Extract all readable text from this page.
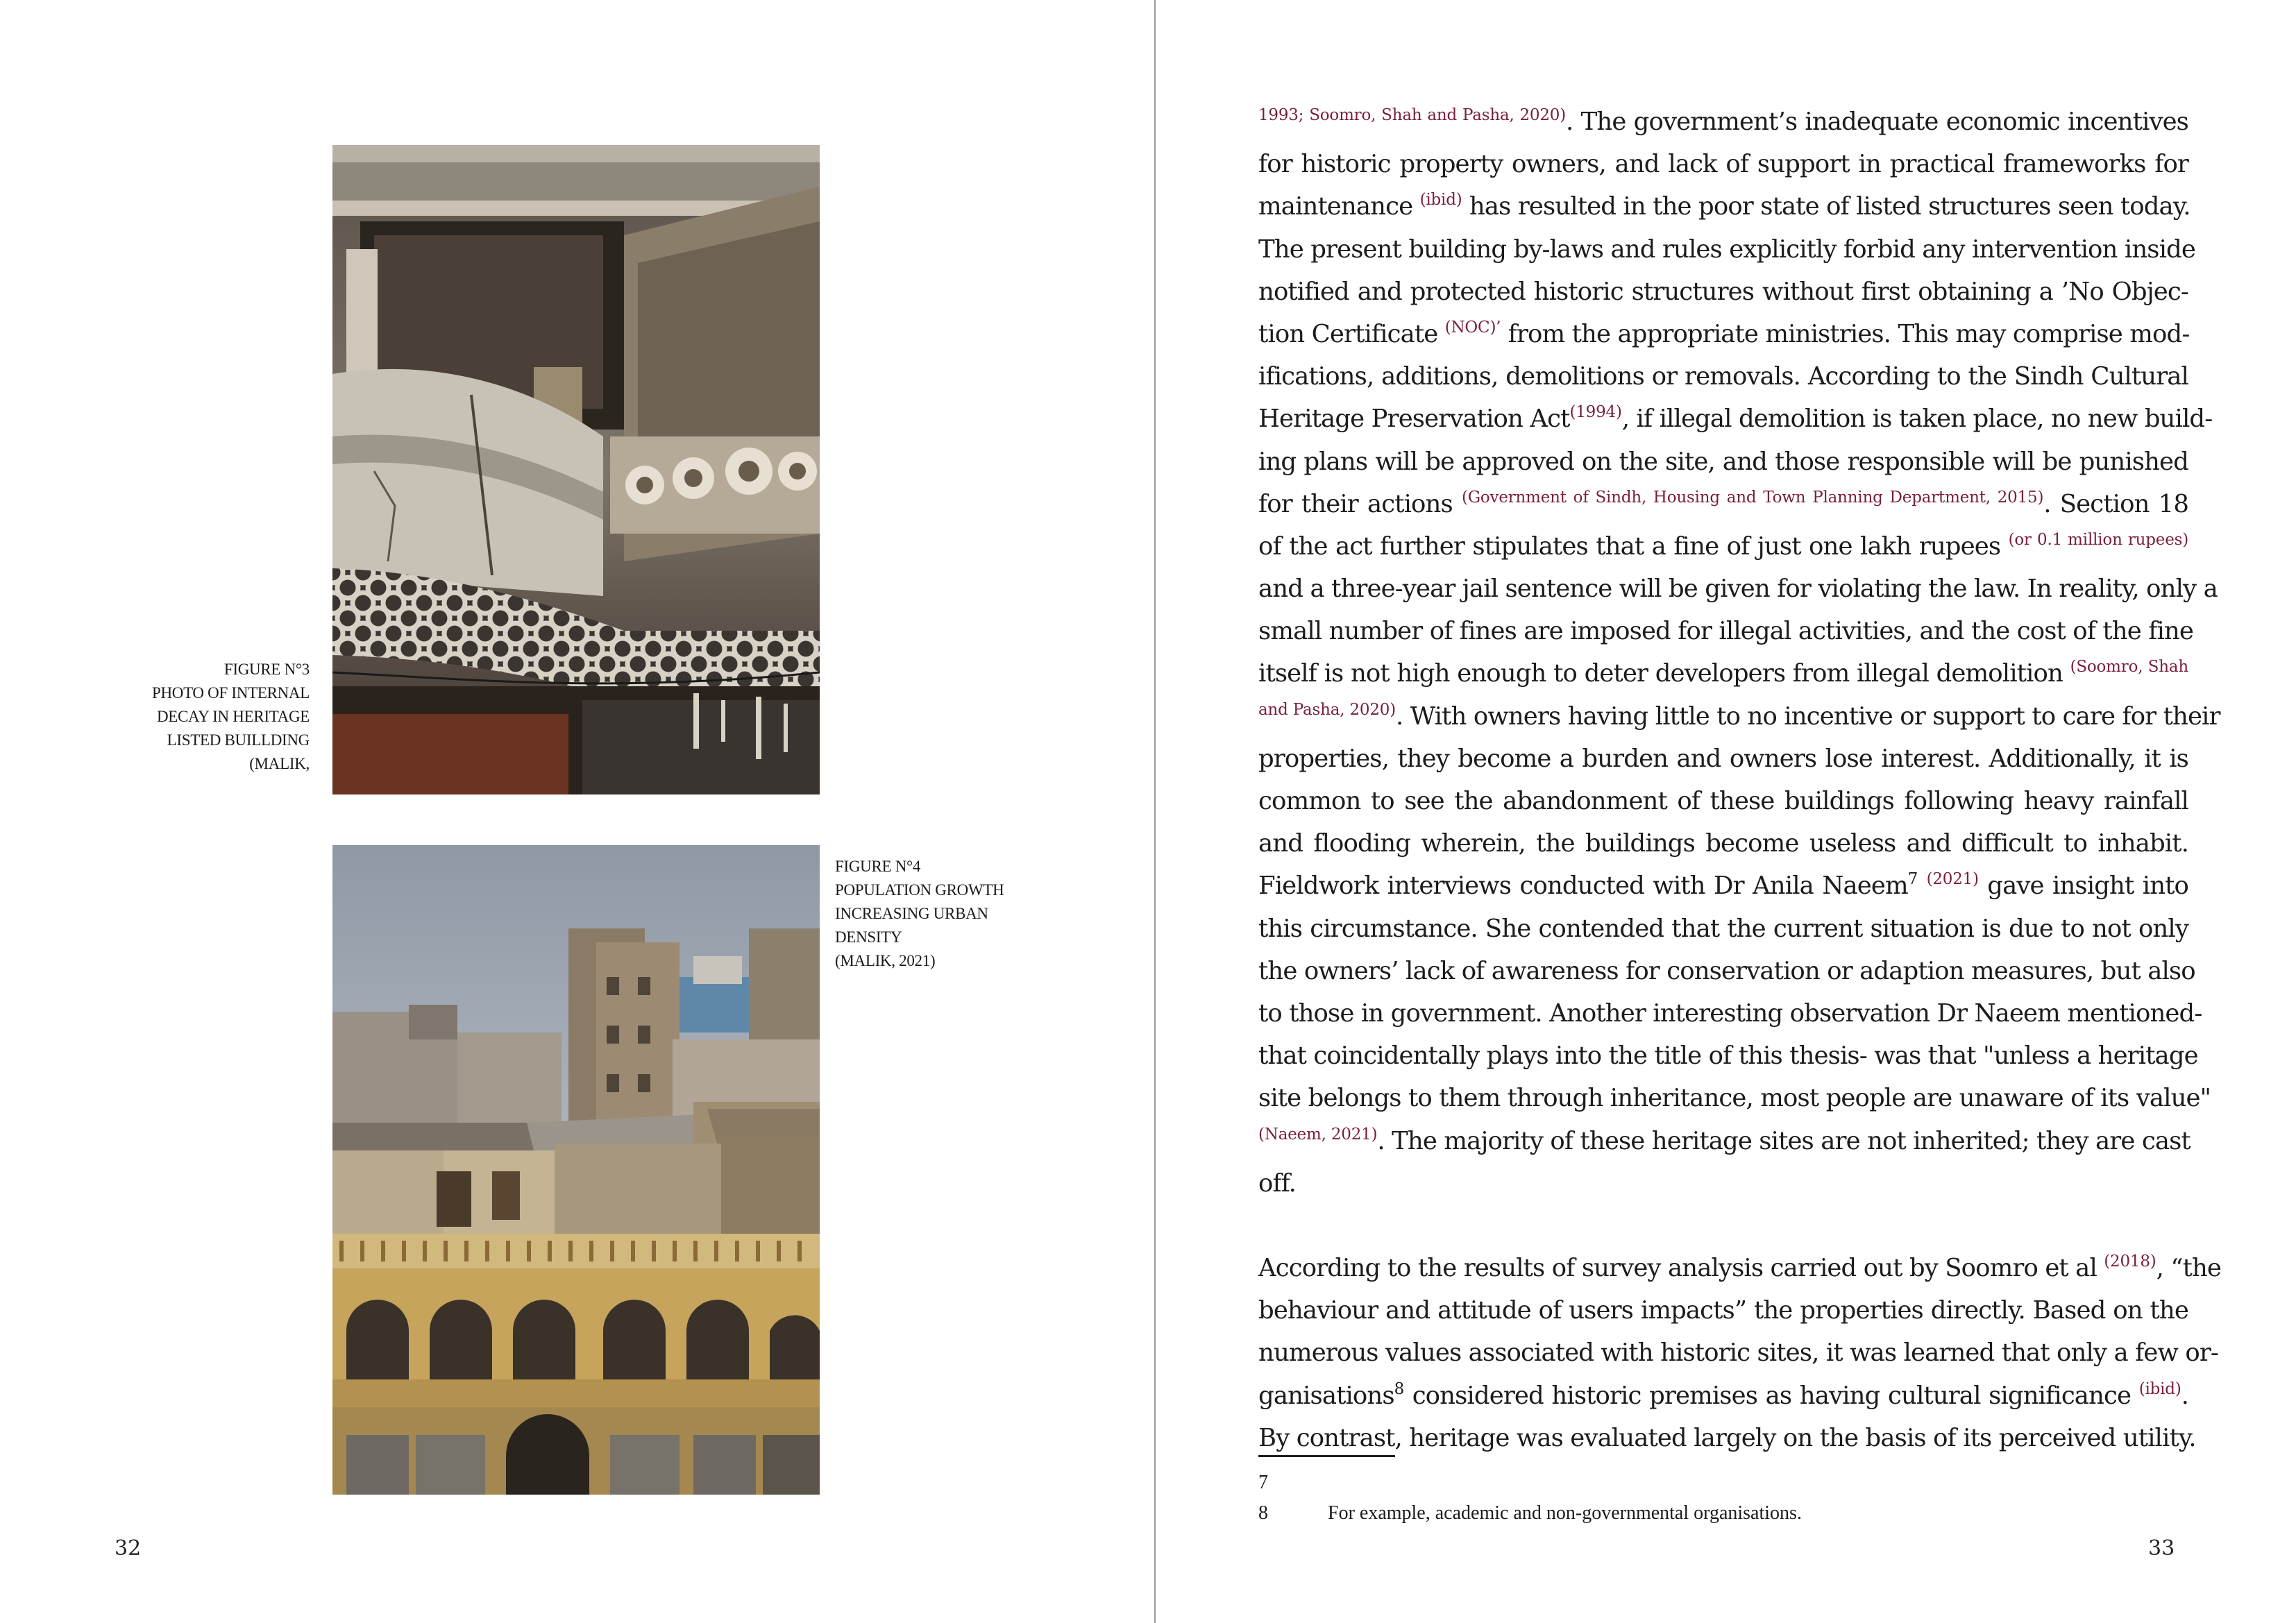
FIGURE N°3
PHOTO OF INTERNAL
DECAY IN HERITAGE
LISTED BUILLDING
(MALIK,
FIGURE N°4
POPULATION GROWTH
INCREASING URBAN
DENSITY
(MALIK, 2021)
32
$^{1993; Soomro, Shah and Pasha, 2020)}$. The government’s inadequate economic incentives
for historic property owners, and lack of support in practical frameworks for
maintenance $^{(ibid)}$ has resulted in the poor state of listed structures seen today.
The present building by-laws and rules explicitly forbid any intervention inside
notified and protected historic structures without first obtaining a ’No Objec-
tion Certificate $^{(NOC)’}$ from the appropriate ministries. This may comprise mod-
ifications, additions, demolitions or removals. According to the Sindh Cultural
Heritage Preservation Act$^{(1994)}$, if illegal demolition is taken place, no new build-
ing plans will be approved on the site, and those responsible will be punished
for their actions $^{(Government of Sindh, Housing and Town Planning Department, 2015)}$. Section 18
of the act further stipulates that a fine of just one lakh rupees $^{(or 0.1 million rupees)}$
and a three-year jail sentence will be given for violating the law. In reality, only a
small number of fines are imposed for illegal activities, and the cost of the fine
itself is not high enough to deter developers from illegal demolition $^{(Soomro, Shah}$
$^{and Pasha, 2020)}$. With owners having little to no incentive or support to care for their
properties, they become a burden and owners lose interest. Additionally, it is
common to see the abandonment of these buildings following heavy rainfall
and flooding wherein, the buildings become useless and difficult to inhabit.
Fieldwork interviews conducted with Dr Anila Naeem$^7$ $^{(2021)}$ gave insight into
this circumstance. She contended that the current situation is due to not only
the owners’ lack of awareness for conservation or adaption measures, but also
to those in government. Another interesting observation Dr Naeem mentioned-
that coincidentally plays into the title of this thesis- was that "unless a heritage
site belongs to them through inheritance, most people are unaware of its value"
$^{(Naeem, 2021)}$. The majority of these heritage sites are not inherited; they are cast
off.
According to the results of survey analysis carried out by Soomro et al $^{(2018)}$, “the
behaviour and attitude of users impacts” the properties directly. Based on the
numerous values associated with historic sites, it was learned that only a few or-
ganisations$^8$ considered historic premises as having cultural significance $^{(ibid)}$.
By contrast, heritage was evaluated largely on the basis of its perceived utility.
7
8	For example, academic and non-governmental organisations.
33
